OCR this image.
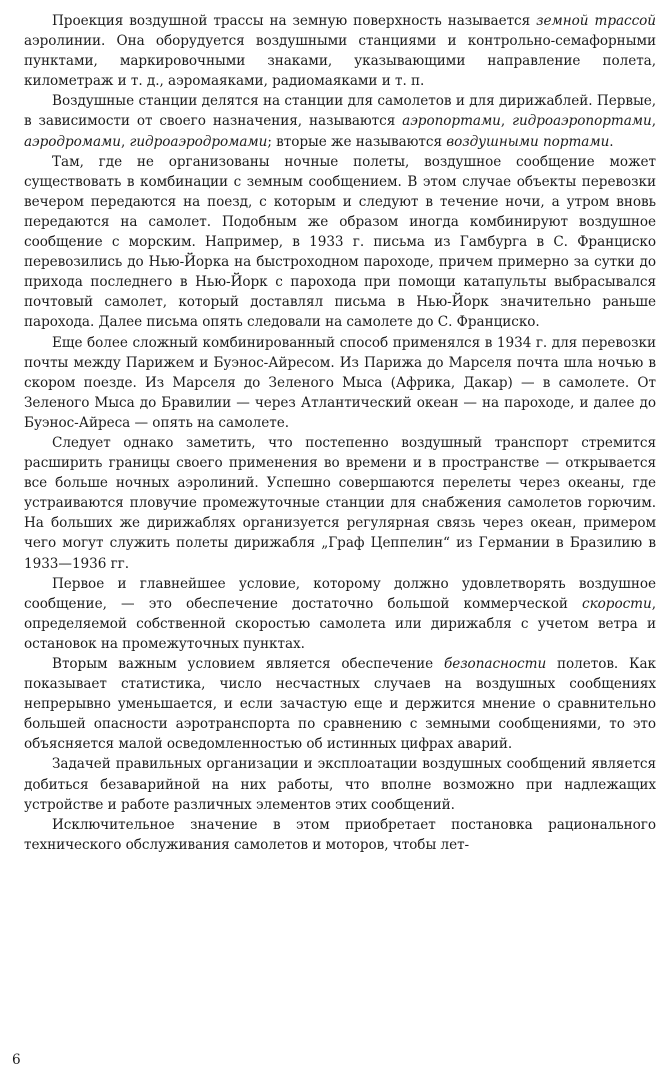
Проекция воздушной трассы на земную поверхность называется земной трассой аэролинии. Она оборудуется воздушными станциями и контрольно-семафорными пунктами, маркировочными знаками, указывающими направление полета, километраж и т. д., аэромаяками, радиомаяками и т. п.

Воздушные станции делятся на станции для самолетов и для дирижаблей. Первые, в зависимости от своего назначения, называются аэропортами, гидроаэропортами, аэродромами, гидроаэродромами; вторые же называются воздушными портами.

Там, где не организованы ночные полеты, воздушное сообщение может существовать в комбинации с земным сообщением. В этом случае объекты перевозки вечером передаются на поезд, с которым и следуют в течение ночи, а утром вновь передаются на самолет. Подобным же образом иногда комбинируют воздушное сообщение с морским. Например, в 1933 г. письма из Гамбурга в С. Франциско перевозились до Нью-Йорка на быстроходном пароходе, причем примерно за сутки до прихода последнего в Нью-Йорк с парохода при помощи катапульты выбрасывался почтовый самолет, который доставлял письма в Нью-Йорк значительно раньше парохода. Далее письма опять следовали на самолете до С. Франциско.

Еще более сложный комбинированный способ применялся в 1934 г. для перевозки почты между Парижем и Буэнос-Айресом. Из Парижа до Марселя почта шла ночью в скором поезде. Из Марселя до Зеленого Мыса (Африка, Дакар) — в самолете. От Зеленого Мыса до Бравилии — через Атлантический океан — на пароходе, и далее до Буэнос-Айреса — опять на самолете.

Следует однако заметить, что постепенно воздушный транспорт стремится расширить границы своего применения во времени и в пространстве — открывается все больше ночных аэролиний. Успешно совершаются перелеты через океаны, где устраиваются пловучие промежуточные станции для снабжения самолетов горючим. На больших же дирижаблях организуется регулярная связь через океан, примером чего могут служить полеты дирижабля „Граф Цеппелин“ из Германии в Бразилию в 1933—1936 гг.

Первое и главнейшее условие, которому должно удовлетворять воздушное сообщение, — это обеспечение достаточно большой коммерческой скорости, определяемой собственной скоростью самолета или дирижабля с учетом ветра и остановок на промежуточных пунктах.

Вторым важным условием является обеспечение безопасности полетов. Как показывает статистика, число несчастных случаев на воздушных сообщениях непрерывно уменьшается, и если зачастую еще и держится мнение о сравнительно большей опасности аэротранспорта по сравнению с земными сообщениями, то это объясняется малой осведомленностью об истинных цифрах аварий.

Задачей правильных организации и эксплоатации воздушных сообщений является добиться безаварийной на них работы, что вполне возможно при надлежащих устройстве и работе различных элементов этих сообщений.

Исключительное значение в этом приобретает постановка рационального технического обслуживания самолетов и моторов, чтобы лет-

6
